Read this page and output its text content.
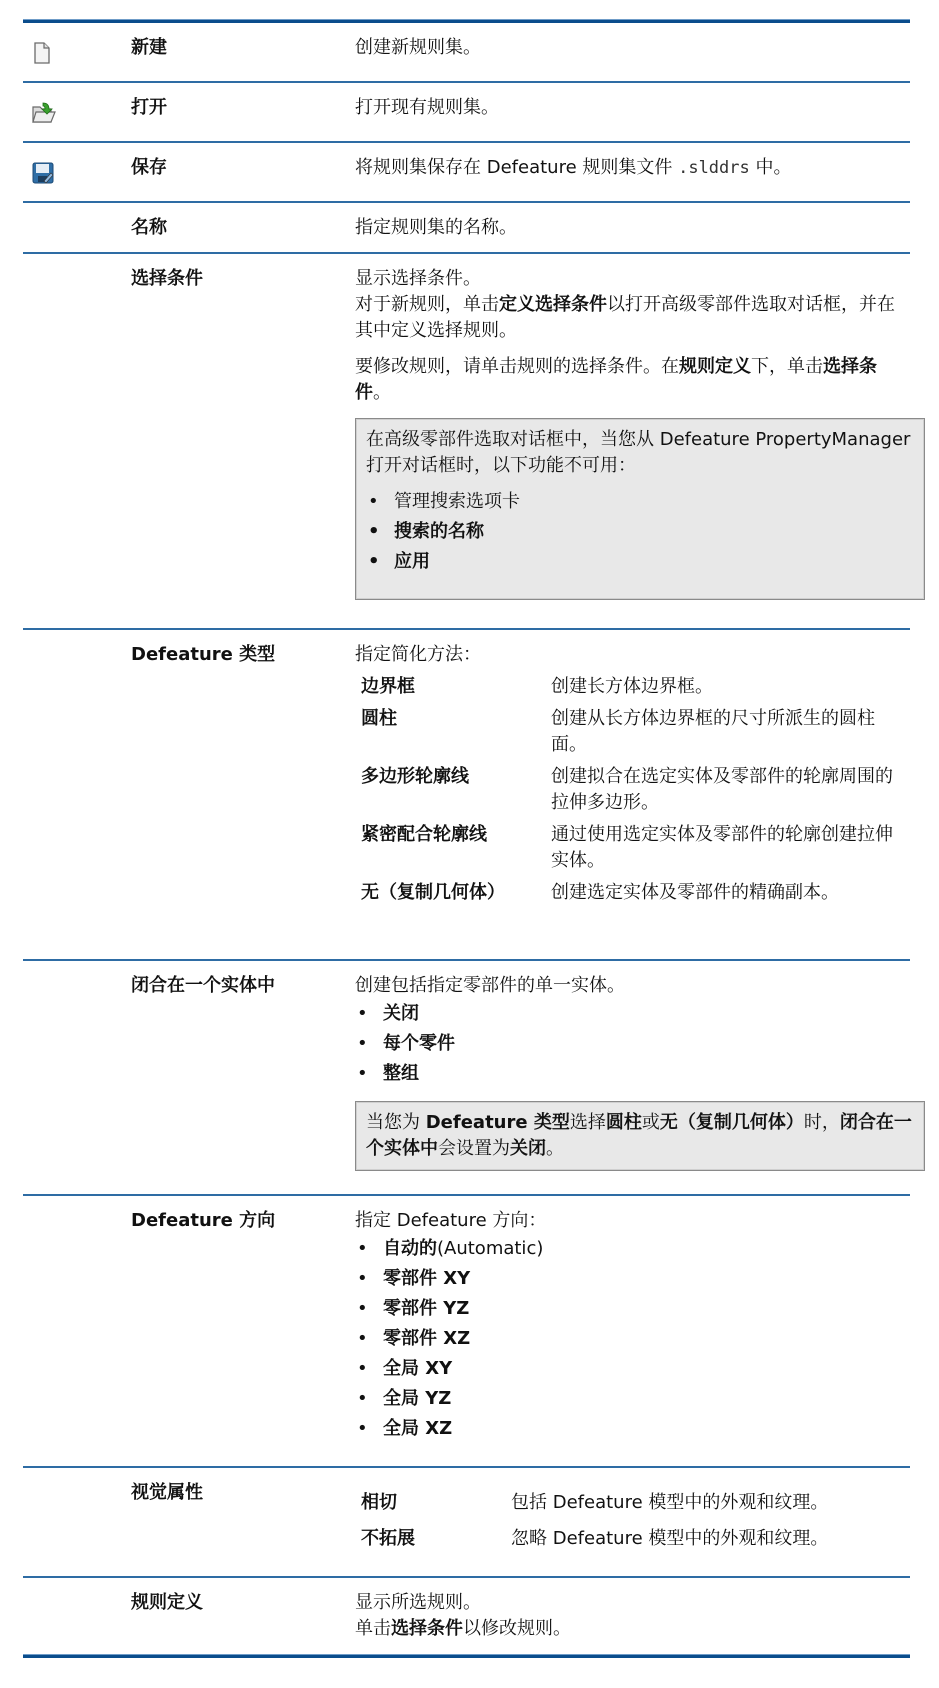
新建	创建新规则集。
打开	打开现有规则集。
保存	将规则集保存在 Defeature 规则集文件 .slddrs 中。
名称	指定规则集的名称。
选择条件	显示选择条件。
对于新规则，单击定义选择条件以打开高级零部件选取对话框，并在其中定义选择规则。
要修改规则，请单击规则的选择条件。在规则定义下，单击选择条件。
在高级零部件选取对话框中，当您从 Defeature PropertyManager 打开对话框时，以下功能不可用：
• 管理搜索选项卡
• 搜索的名称
• 应用
Defeature 类型	指定简化方法：
边界框	创建长方体边界框。
圆柱	创建从长方体边界框的尺寸所派生的圆柱面。
多边形轮廓线	创建拟合在选定实体及零部件的轮廓周围的拉伸多边形。
紧密配合轮廓线	通过使用选定实体及零部件的轮廓创建拉伸实体。
无（复制几何体）	创建选定实体及零部件的精确副本。
闭合在一个实体中	创建包括指定零部件的单一实体。
• 关闭
• 每个零件
• 整组
当您为 Defeature 类型选择圆柱或无（复制几何体）时，闭合在一个实体中会设置为关闭。
Defeature 方向	指定 Defeature 方向：
• 自动的(Automatic)
• 零部件 XY
• 零部件 YZ
• 零部件 XZ
• 全局 XY
• 全局 YZ
• 全局 XZ
视觉属性	相切	包括 Defeature 模型中的外观和纹理。
不拓展	忽略 Defeature 模型中的外观和纹理。
规则定义	显示所选规则。
单击选择条件以修改规则。
